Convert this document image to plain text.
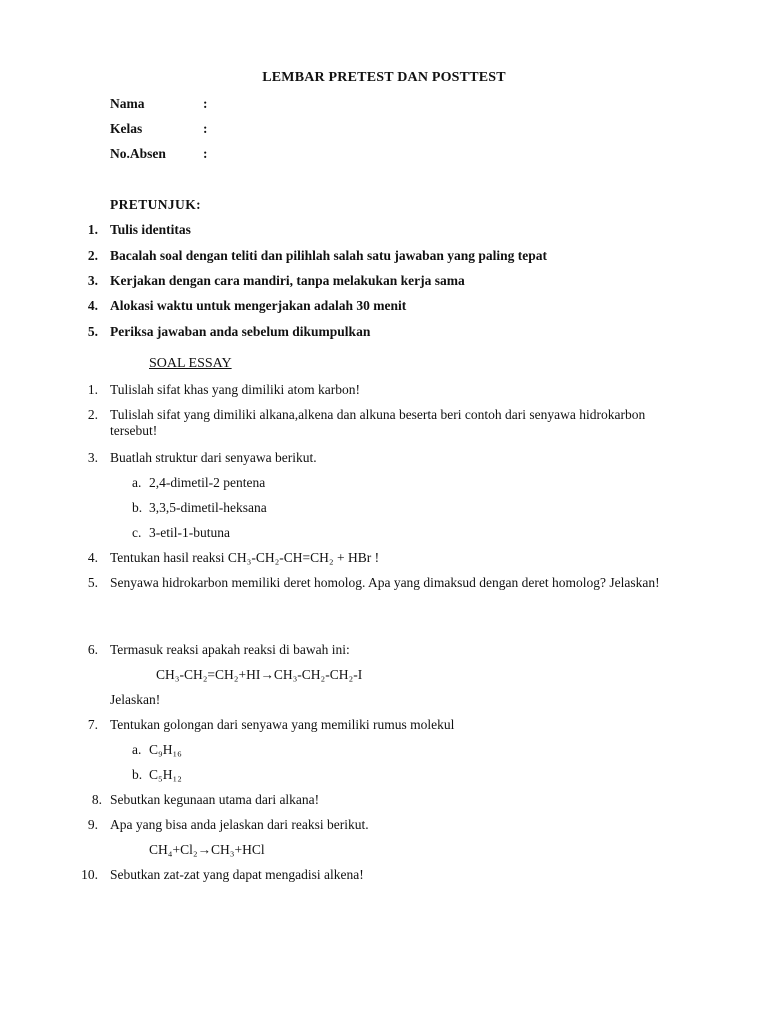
LEMBAR PRETEST DAN POSTTEST
Nama	:
Kelas	:
No.Absen	:
PRETUNJUK:
1. Tulis identitas
2. Bacalah soal dengan teliti dan pilihlah salah satu jawaban yang paling tepat
3. Kerjakan dengan cara mandiri, tanpa melakukan kerja sama
4. Alokasi waktu untuk mengerjakan adalah 30 menit
5. Periksa jawaban anda sebelum dikumpulkan
SOAL ESSAY
1. Tulislah sifat khas yang dimiliki atom karbon!
2. Tulislah sifat yang dimiliki alkana,alkena dan alkuna beserta beri contoh dari senyawa hidrokarbon tersebut!
3. Buatlah struktur dari senyawa berikut.
a. 2,4-dimetil-2 pentena
b. 3,3,5-dimetil-heksana
c. 3-etil-1-butuna
4. Tentukan hasil reaksi CH₃-CH₂-CH=CH₂ + HBr !
5. Senyawa hidrokarbon memiliki deret homolog. Apa yang dimaksud dengan deret homolog? Jelaskan!
6. Termasuk reaksi apakah reaksi di bawah ini:
CH₃-CH₂=CH₂+HI→CH₃-CH₂-CH₂-I
Jelaskan!
7. Tentukan golongan dari senyawa yang memiliki rumus molekul
a. C₉H₁₆
b. C₅H₁₂
8. Sebutkan kegunaan utama dari alkana!
9. Apa yang bisa anda jelaskan dari reaksi berikut.
CH₄+Cl₂→CH₃+HCl
10. Sebutkan zat-zat yang dapat mengadisi alkena!
